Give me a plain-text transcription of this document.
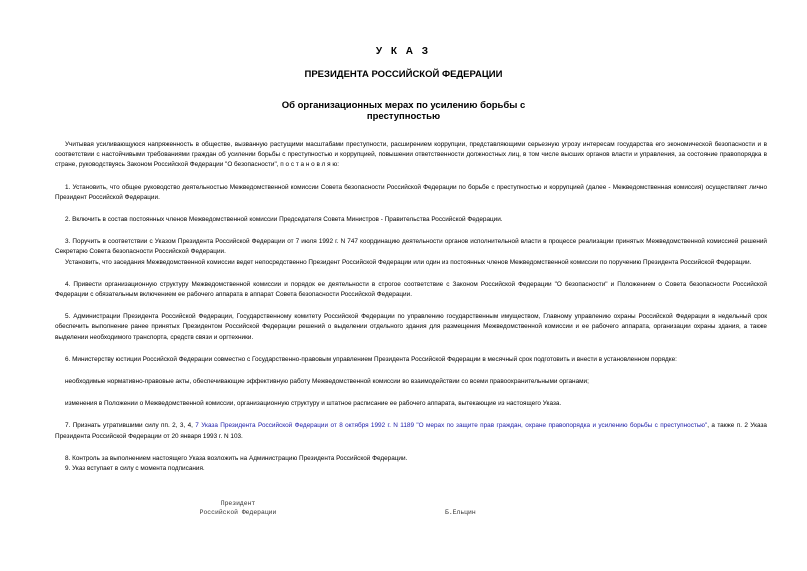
У К А З
ПРЕЗИДЕНТА РОССИЙСКОЙ ФЕДЕРАЦИИ
Об организационных мерах по усилению борьбы с
преступностью

Учитывая усиливающуюся напряженность в обществе, вызванную растущими масштабами преступности, расширением коррупции, представляющими серьезную угрозу интересам государства его экономической безопасности и в соответствии с настойчивыми требованиями граждан об усилении борьбы с преступностью и коррупцией, повышении ответственности должностных лиц, в том числе высших органов власти и управления, за состояние правопорядка в стране, руководствуясь Законом Российской Федерации "О безопасности", п о с т а н о в л я ю:

1. Установить, что общее руководство деятельностью Межведомственной комиссии Совета безопасности Российской Федерации по борьбе с преступностью и коррупцией (далее - Межведомственная комиссия) осуществляет лично Президент Российской Федерации.

2. Включить в состав постоянных членов Межведомственной комиссии Председателя Совета Министров - Правительства Российской Федерации.

3. Поручить в соответствии с Указом Президента Российской Федерации от 7 июля 1992 г. N 747 координацию деятельности органов исполнительной власти в процессе реализации принятых Межведомственной комиссией решений Секретарю Совета безопасности Российской Федерации.

Установить, что заседания Межведомственной комиссии ведет непосредственно Президент Российской Федерации или один из постоянных членов Межведомственной комиссии по поручению Президента Российской Федерации.

4. Привести организационную структуру Межведомственной комиссии и порядок ее деятельности в строгое соответствие с Законом Российской Федерации "О безопасности" и Положением о Совета безопасности Российской Федерации с обязательным включением ее рабочего аппарата в аппарат Совета безопасности Российской Федерации.

5. Администрации Президента Российской Федерации, Государственному комитету Российской Федерации по управлению государственным имуществом, Главному управлению охраны Российской Федерации в недельный срок обеспечить выполнение ранее принятых Президентом Российской Федерации решений о выделении отдельного здания для размещения Межведомственной комиссии и ее рабочего аппарата, организации охраны здания, а также выделении необходимого транспорта, средств связи и оргтехники.

6. Министерству юстиции Российской Федерации совместно с Государственно-правовым управлением Президента Российской Федерации в месячный срок подготовить и внести в установленном порядке:

необходимые нормативно-правовые акты, обеспечивающие эффективную работу Межведомственной комиссии во взаимодействии со всеми правоохранительными органами;

изменения в Положении о Межведомственной комиссии, организационную структуру и штатное расписание ее рабочего аппарата, вытекающие из настоящего Указа.

7. Признать утратившими силу пп. 2, 3, 4, 7 Указа Президента Российской Федерации от 8 октября 1992 г. N 1189 "О мерах по защите прав граждан, охране правопорядка и усилению борьбы с преступностью", а также п. 2 Указа Президента Российской Федерации от 20 января 1993 г. N 103.

8. Контроль за выполнением настоящего Указа возложить на Администрацию Президента Российской Федерации.

9. Указ вступает в силу с момента подписания.

Президент
Российской Федерации	Б.Ельцин
